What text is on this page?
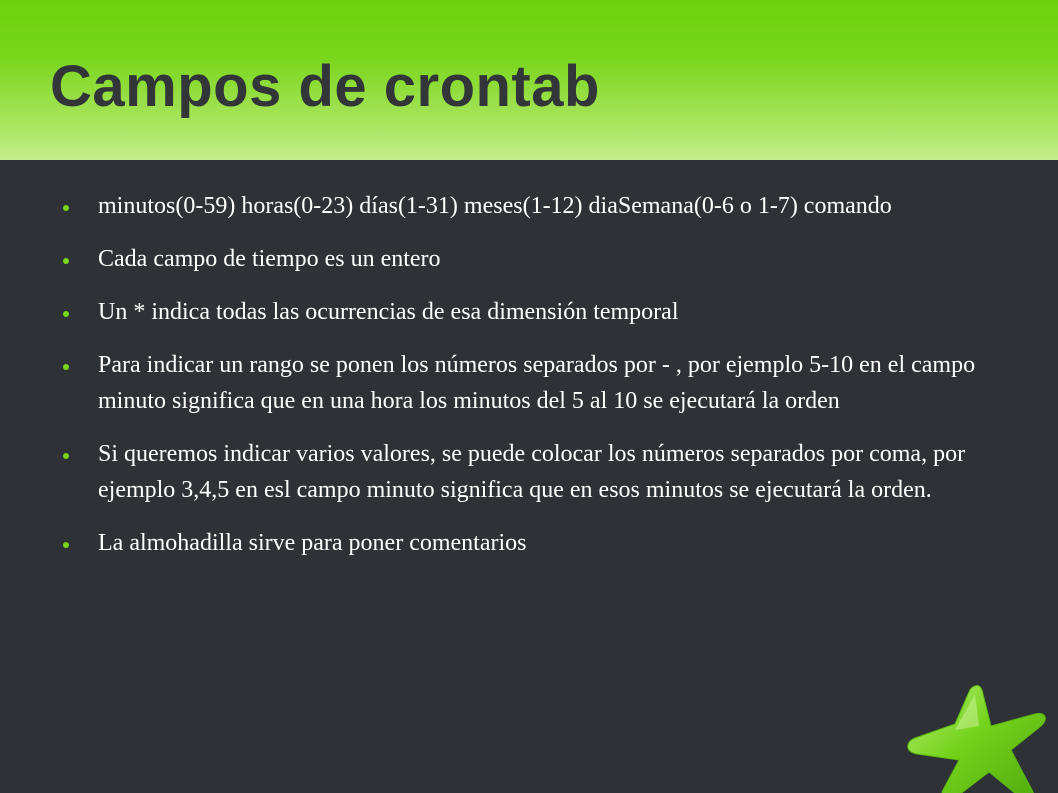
Campos de crontab
minutos(0-59) horas(0-23) días(1-31) meses(1-12) diaSemana(0-6 o 1-7) comando
Cada campo de tiempo es un entero
Un * indica todas las ocurrencias de esa dimensión temporal
Para indicar un rango se ponen los números separados por - , por ejemplo 5-10 en el campo minuto significa que en una hora los minutos del 5 al 10 se ejecutará la orden
Si queremos indicar varios valores, se puede colocar los números separados por coma, por ejemplo 3,4,5 en esl campo minuto significa que en esos minutos se ejecutará la orden.
La almohadilla sirve para poner comentarios
